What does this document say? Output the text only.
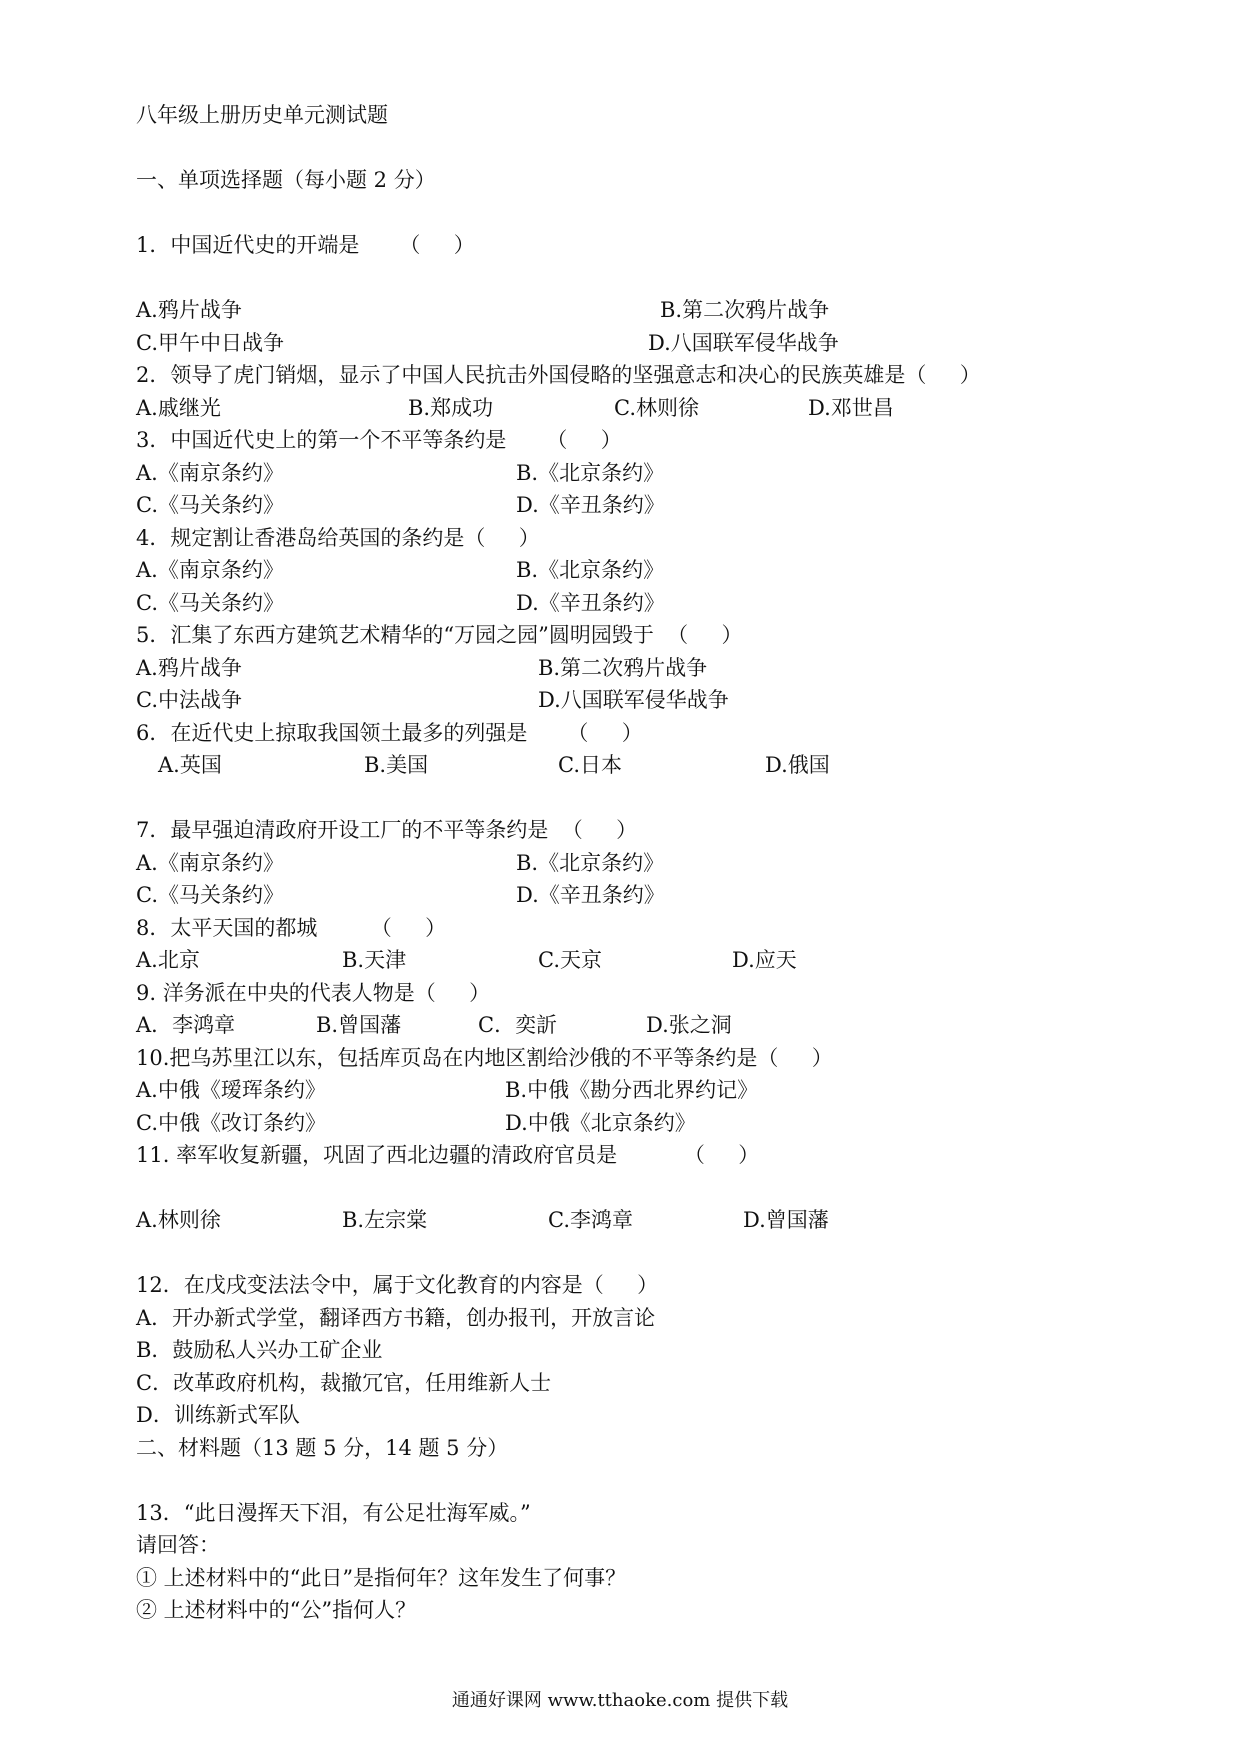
八年级上册历史单元测试题
一、单项选择题（每小题 2 分）
1．中国近代史的开端是      （     ）
A.鸦片战争	B.第二次鸦片战争
C.甲午中日战争	D.八国联军侵华战争
2．领导了虎门销烟，显示了中国人民抗击外国侵略的坚强意志和决心的民族英雄是（     ）
A.戚继光	B.郑成功	C.林则徐	D.邓世昌
3．中国近代史上的第一个不平等条约是      （     ）
A.《南京条约》	B.《北京条约》
C.《马关条约》	D.《辛丑条约》
4．规定割让香港岛给英国的条约是（     ）
A.《南京条约》	B.《北京条约》
C.《马关条约》	D.《辛丑条约》
5．汇集了东西方建筑艺术精华的“万园之园”圆明园毁于  （     ）
A.鸦片战争	B.第二次鸦片战争
C.中法战争	D.八国联军侵华战争
6．在近代史上掠取我国领土最多的列强是      （     ）
A.英国	B.美国	C.日本	D.俄国
7．最早强迫清政府开设工厂的不平等条约是  （     ）
A.《南京条约》	B.《北京条约》
C.《马关条约》	D.《辛丑条约》
8．太平天国的都城        （     ）
A.北京	B.天津	C.天京	D.应天
9. 洋务派在中央的代表人物是（     ）
A．李鸿章	B.曾国藩	C．奕訢	D.张之洞
10.把乌苏里江以东，包括库页岛在内地区割给沙俄的不平等条约是（     ）
A.中俄《瑷珲条约》	B.中俄《勘分西北界约记》
C.中俄《改订条约》	D.中俄《北京条约》
11. 率军收复新疆，巩固了西北边疆的清政府官员是          （     ）
A.林则徐	B.左宗棠	C.李鸿章	D.曾国藩
12．在戊戌变法法令中，属于文化教育的内容是（     ）
A．开办新式学堂，翻译西方书籍，创办报刊，开放言论
B．鼓励私人兴办工矿企业
C．改革政府机构，裁撤冗官，任用维新人士
D．训练新式军队
二、材料题（13 题 5 分，14 题 5 分）
13．“此日漫挥天下泪，有公足壮海军威。”
请回答：
① 上述材料中的“此日”是指何年？这年发生了何事？
② 上述材料中的“公”指何人？
通通好课网 www.tthaoke.com 提供下载
